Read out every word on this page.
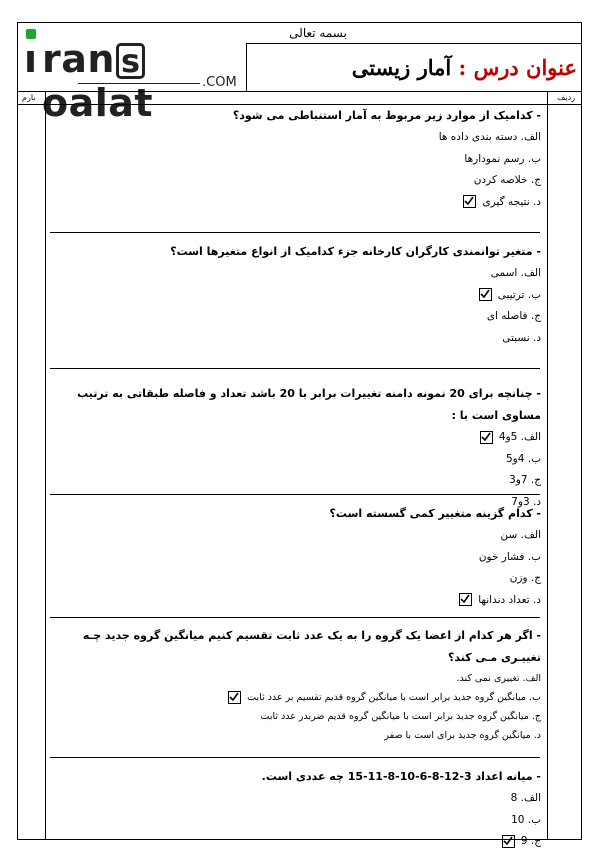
ı ran soalat	.COM
بسمه تعالی
عنوان درس : آمار زیستی
بارم	ردیف
- کدامیک از موارد زیر مربوط به آمار استنباطی می شود؟
الف. دسته بندی داده ها
ب. رسم نمودارها
ج. خلاصه کردن
د. نتیجه گیری
- متغیر توانمندی کارگران کارخانه جزء کدامیک از انواع متغیرها است؟
الف. اسمی
ب. ترتیبی
ج. فاصله ای
د. نسبتی
- چنانچه برای 20 نمونه دامنه تغییرات برابر با 20 باشد تعداد و فاصله طبقاتی به ترتیب مساوی است با :
الف. 5و4
ب. 4و5
ج. 7و3
د. 3و7
- کدام گزینه متغییر کمی گسسته است؟
الف. سن
ب. فشار خون
ج. وزن
د. تعداد دندانها
- اگر هر کدام از اعضا یک گروه را به یک عدد ثابت تقسیم کنیم میانگین گروه جدید چـه تغییـری مـی کند؟
الف. تغییری نمی کند.
ب. میانگین گروه جدید برابر است با میانگین گروه قدیم تقسیم بر عدد ثابت
ج. میانگین گروه جدید برابر است با میانگین گروه قدیم ضربدر عدد ثابت
د. میانگین گروه جدید برای است با صفر
- میانه اعداد 3-12-8-6-10-8-11-15 چه عددی است.
الف. 8
ب. 10
ج. 9
